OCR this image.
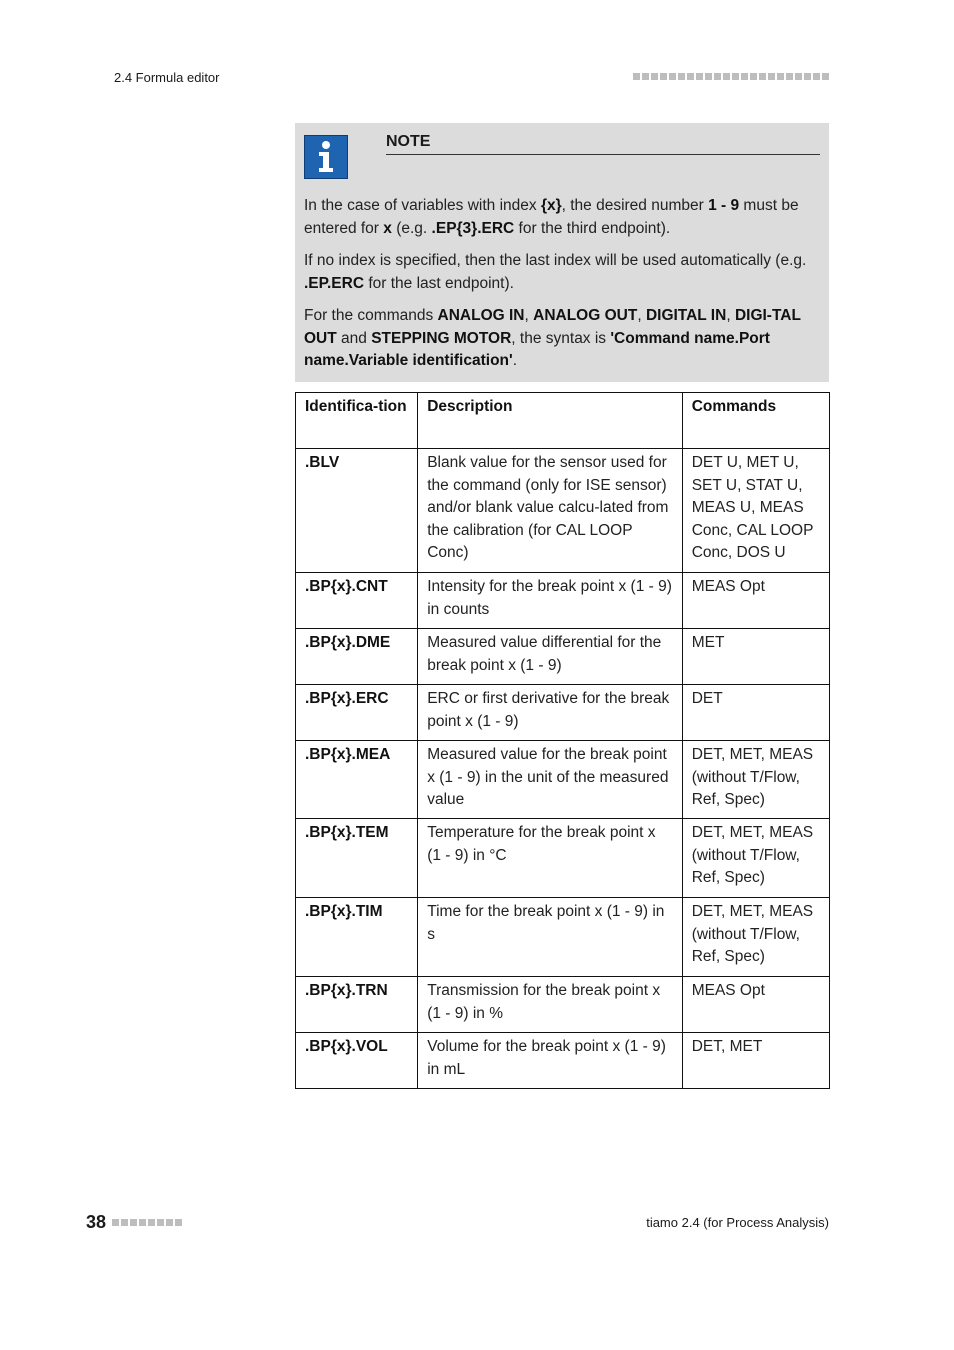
2.4 Formula editor
NOTE

In the case of variables with index {x}, the desired number 1 - 9 must be entered for x (e.g. .EP{3}.ERC for the third endpoint).

If no index is specified, then the last index will be used automatically (e.g. .EP.ERC for the last endpoint).

For the commands ANALOG IN, ANALOG OUT, DIGITAL IN, DIGI-TAL OUT and STEPPING MOTOR, the syntax is 'Command name.Port name.Variable identification'.

Identifica-tion	Description	Commands
.BLV	Blank value for the sensor used for the command (only for ISE sensor) and/or blank value calcu-lated from the calibration (for CAL LOOP Conc)	DET U, MET U, SET U, STAT U, MEAS U, MEAS Conc, CAL LOOP Conc, DOS U
.BP{x}.CNT	Intensity for the break point x (1 - 9) in counts	MEAS Opt
.BP{x}.DME	Measured value differential for the break point x (1 - 9)	MET
.BP{x}.ERC	ERC or first derivative for the break point x (1 - 9)	DET
.BP{x}.MEA	Measured value for the break point x (1 - 9) in the unit of the measured value	DET, MET, MEAS (without T/Flow, Ref, Spec)
.BP{x}.TEM	Temperature for the break point x (1 - 9) in °C	DET, MET, MEAS (without T/Flow, Ref, Spec)
.BP{x}.TIM	Time for the break point x (1 - 9) in s	DET, MET, MEAS (without T/Flow, Ref, Spec)
.BP{x}.TRN	Transmission for the break point x (1 - 9) in %	MEAS Opt
.BP{x}.VOL	Volume for the break point x (1 - 9) in mL	DET, MET
38	tiamo 2.4 (for Process Analysis)
